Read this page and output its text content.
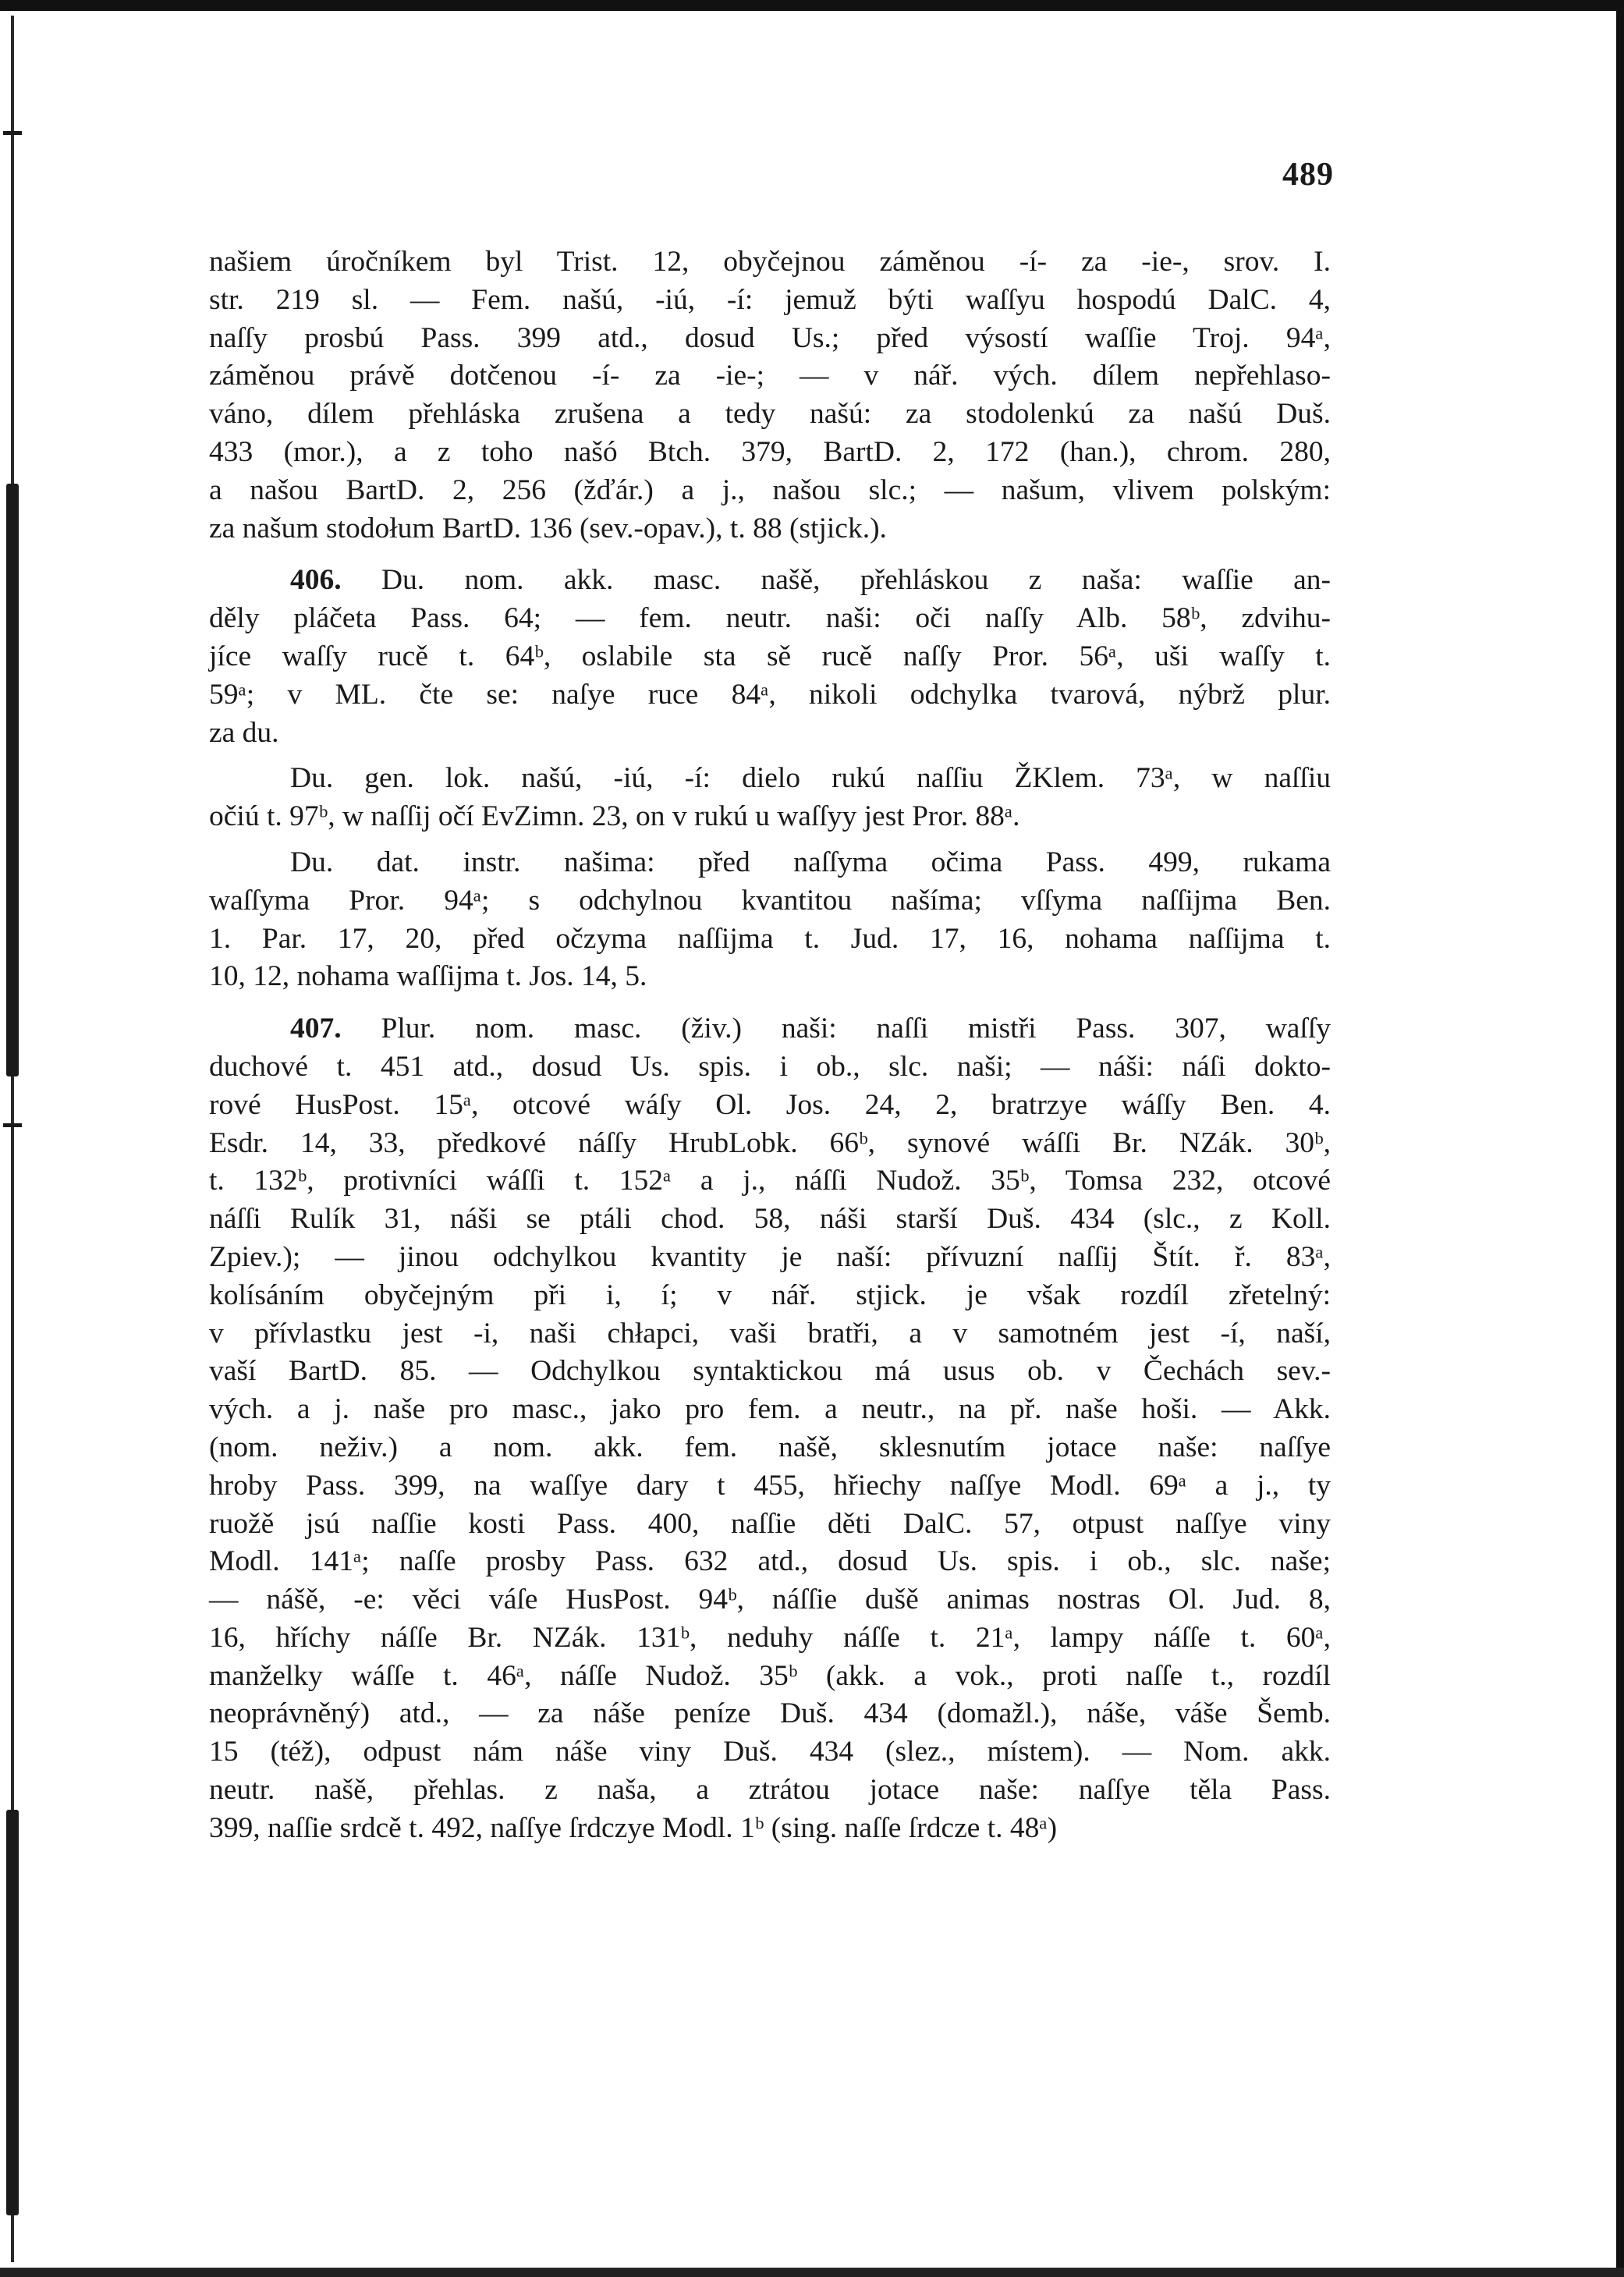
489
našiem úročníkem byl Trist. 12, obyčejnou záměnou -í- za -ie-, srov. I.
str. 219 sl. — Fem. našú, -iú, -í: jemuž býti waſſyu hospodú DalC. 4,
naſſy prosbú Pass. 399 atd., dosud Us.; před výsostí waſſie Troj. 94ᵃ,
záměnou právě dotčenou -í- za -ie-; — v nář. vých. dílem nepřehlaso-
váno, dílem přehláska zrušena a tedy našú: za stodolenkú za našú Duš.
433 (mor.), a z toho našó Btch. 379, BartD. 2, 172 (han.), chrom. 280,
a našou BartD. 2, 256 (žďár.) a j., našou slc.; — našum, vlivem polským:
za našum stodołum BartD. 136 (sev.-opav.), t. 88 (stjick.).
406. Du. nom. akk. masc. našě, přehláskou z naša: waſſie an-
děly pláčeta Pass. 64; — fem. neutr. naši: oči naſſy Alb. 58ᵇ, zdvihu-
jíce waſſy rucě t. 64ᵇ, oslabile sta sě rucě naſſy Pror. 56ᵃ, uši waſſy t.
59ᵃ; v ML. čte se: naſye ruce 84ᵃ, nikoli odchylka tvarová, nýbrž plur.
za du.
Du. gen. lok. našú, -iú, -í: dielo rukú naſſiu ŽKlem. 73ᵃ, w naſſiu
očiú t. 97ᵇ, w naſſij očí EvZimn. 23, on v rukú u waſſyy jest Pror. 88ᵃ.
Du. dat. instr. našima: před naſſyma očima Pass. 499, rukama
waſſyma Pror. 94ᵃ; s odchylnou kvantitou našíma; vſſyma naſſijma Ben.
1. Par. 17, 20, před očzyma naſſijma t. Jud. 17, 16, nohama naſſijma t.
10, 12, nohama waſſijma t. Jos. 14, 5.
407. Plur. nom. masc. (živ.) naši: naſſi mistři Pass. 307, waſſy
duchové t. 451 atd., dosud Us. spis. i ob., slc. naši; — náši: náſi dokto-
rové HusPost. 15ᵃ, otcové wáſy Ol. Jos. 24, 2, bratrzye wáſſy Ben. 4.
Esdr. 14, 33, předkové náſſy HrubLobk. 66ᵇ, synové wáſſi Br. NZák. 30ᵇ,
t. 132ᵇ, protivníci wáſſi t. 152ᵃ a j., náſſi Nudož. 35ᵇ, Tomsa 232, otcové
náſſi Rulík 31, náši se ptáli chod. 58, náši starší Duš. 434 (slc., z Koll.
Zpiev.); — jinou odchylkou kvantity je naší: přívuzní naſſij Štít. ř. 83ᵃ,
kolísáním obyčejným při i, í; v nář. stjick. je však rozdíl zřetelný:
v přívlastku jest -i, naši chłapci, vaši bratři, a v samotném jest -í, naší,
vaší BartD. 85. — Odchylkou syntaktickou má usus ob. v Čechách sev.-
vých. a j. naše pro masc., jako pro fem. a neutr., na př. naše hoši. — Akk.
(nom. neživ.) a nom. akk. fem. našě, sklesnutím jotace naše: naſſye
hroby Pass. 399, na waſſye dary t 455, hřiechy naſſye Modl. 69ᵃ a j., ty
ruožě jsú naſſie kosti Pass. 400, naſſie děti DalC. 57, otpust naſſye viny
Modl. 141ᵃ; naſſe prosby Pass. 632 atd., dosud Us. spis. i ob., slc. naše;
— nášě, -e: věci váſe HusPost. 94ᵇ, náſſie dušě animas nostras Ol. Jud. 8,
16, hříchy náſſe Br. NZák. 131ᵇ, neduhy náſſe t. 21ᵃ, lampy náſſe t. 60ᵃ,
manželky wáſſe t. 46ᵃ, náſſe Nudož. 35ᵇ (akk. a vok., proti naſſe t., rozdíl
neoprávněný) atd., — za náše peníze Duš. 434 (domažl.), náše, váše Šemb.
15 (též), odpust nám náše viny Duš. 434 (slez., místem). — Nom. akk.
neutr. našě, přehlas. z naša, a ztrátou jotace naše: naſſye těla Pass.
399, naſſie srdcě t. 492, naſſye ſrdczye Modl. 1ᵇ (sing. naſſe ſrdcze t. 48ᵃ)
